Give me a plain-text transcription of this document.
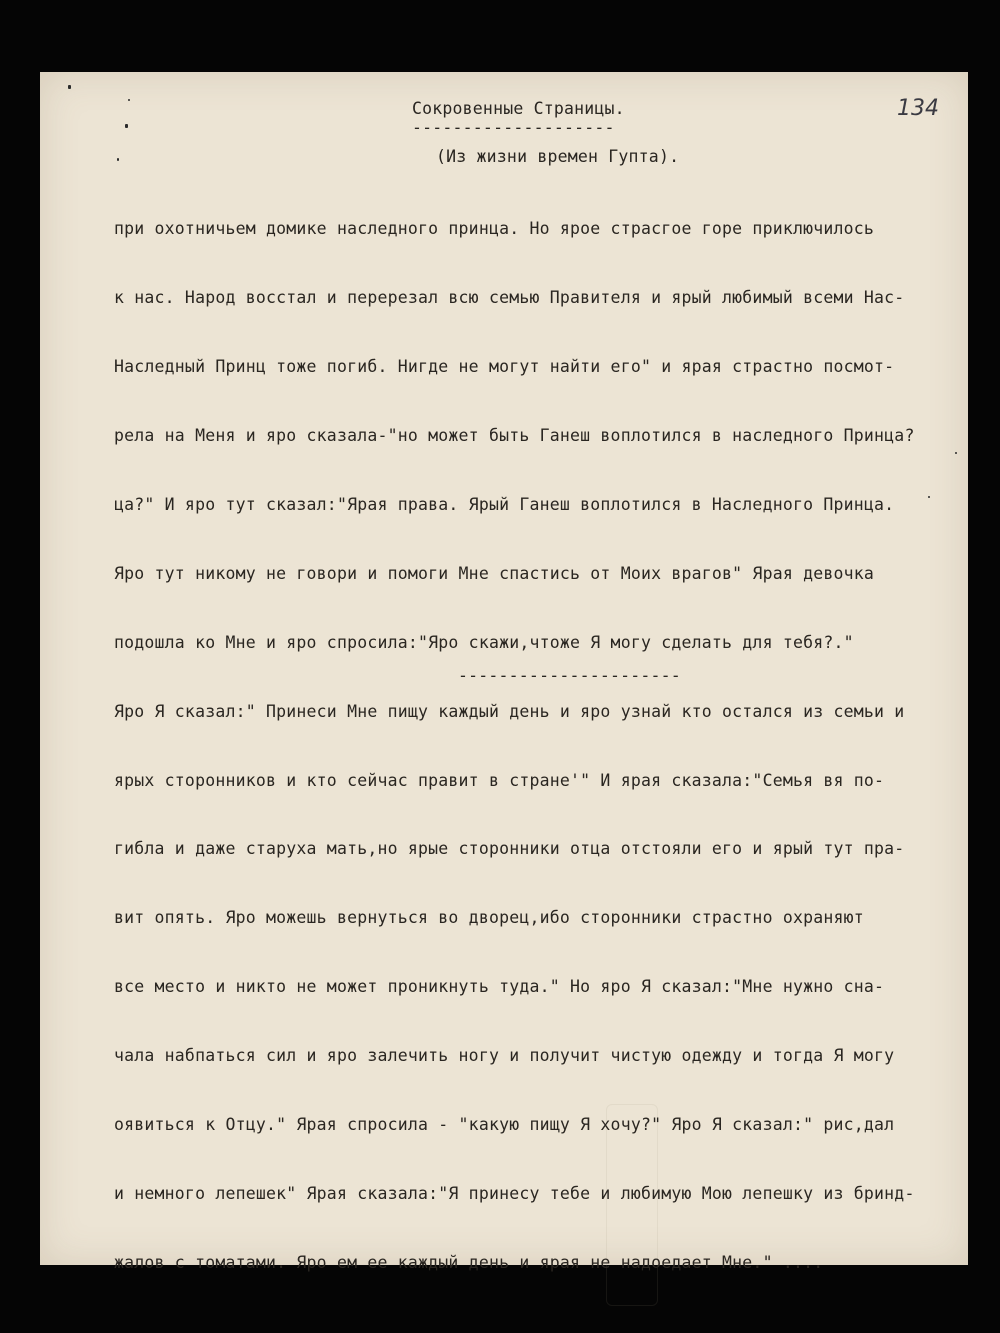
Сокровенные Страницы.
--------------------
134
(Из жизни времен Гупта).

при охотничьем домике наследного принца. Но ярое страсгое горе приключилось

к нас. Народ восстал и перерезал всю семью Правителя и ярый любимый всеми Нас-

Наследный Принц тоже погиб. Нигде не могут найти его" и ярая страстно посмот-

рела на Меня и яро сказала-"но может быть Ганеш воплотился в наследного Принца?

ца?" И яро тут сказал:"Ярая права. Ярый Ганеш воплотился в Наследного Принца.

Яро тут никому не говори и помоги Мне спастись от Моих врагов" Ярая девочка

подошла ко Мне и яро спросила:"Яро скажи,чтоже Я могу сделать для тебя?."

Яро Я сказал:" Принеси Мне пищу каждый день и яро узнай кто остался из семьи и

ярых сторонников и кто сейчас правит в стране'" И ярая сказала:"Семья вя по-

гибла и даже старуха мать,но ярые сторонники отца отстояли его и ярый тут пра-

вит опять. Яро можешь вернуться во дворец,ибо сторонники страстно охраняют

все место и никто не может проникнуть туда." Но яро Я сказал:"Мне нужно сна-

чала набпаться сил и яро залечить ногу и получит чистую одежду и тогда Я могу

оявиться к Отцу." Ярая спросила - "какую пищу Я хочу?" Яро Я сказал:" рис,дал

и немного лепешек" Ярая сказала:"Я принесу тебе и любимую Мою лепешку из бринд-

жалов с томатами. Яро ем ее каждый день и ярая не надоедает Мне." ....

----------------------
